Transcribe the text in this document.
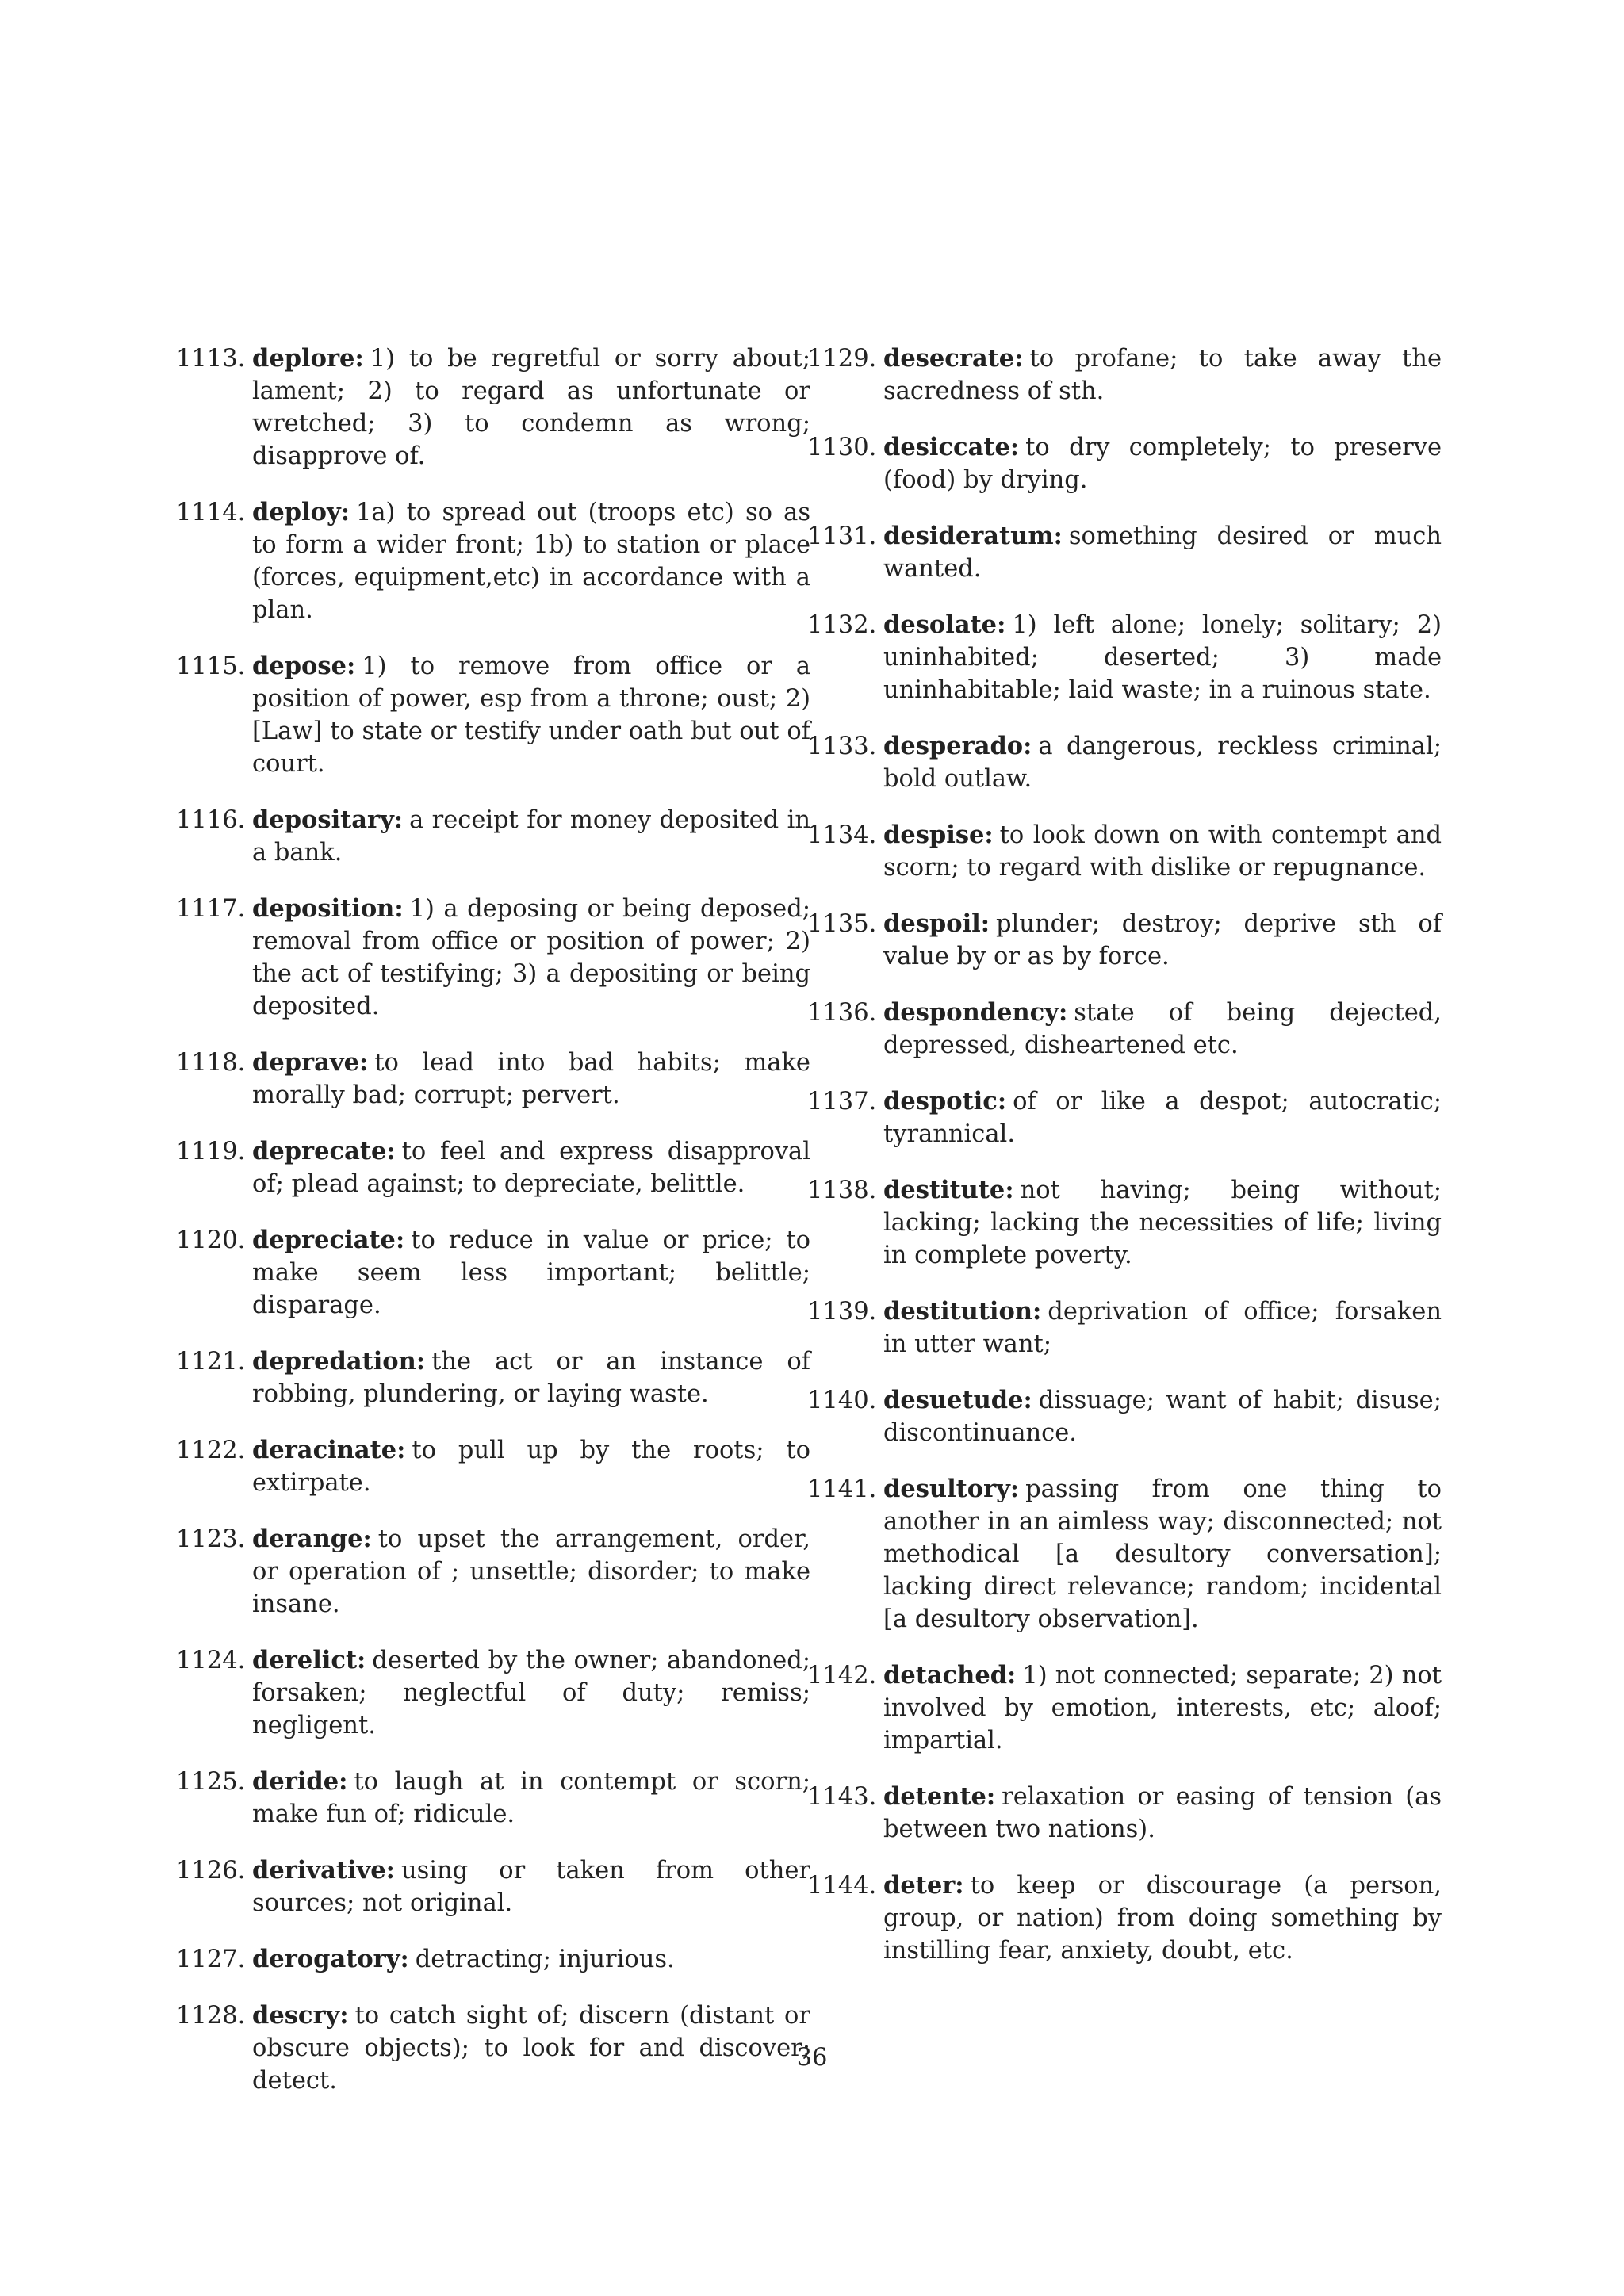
1113. deplore: 1) to be regretful or sorry about; lament; 2) to regard as unfortunate or wretched; 3) to condemn as wrong; disapprove of.
1114. deploy: 1a) to spread out (troops etc) so as to form a wider front; 1b) to station or place (forces, equipment,etc) in accordance with a plan.
1115. depose: 1) to remove from office or a position of power, esp from a throne; oust; 2) [Law] to state or testify under oath but out of court.
1116. depositary: a receipt for money deposited in a bank.
1117. deposition: 1) a deposing or being deposed; removal from office or position of power; 2) the act of testifying; 3) a depositing or being deposited.
1118. deprave: to lead into bad habits; make morally bad; corrupt; pervert.
1119. deprecate: to feel and express disapproval of; plead against; to depreciate, belittle.
1120. depreciate: to reduce in value or price; to make seem less important; belittle; disparage.
1121. depredation: the act or an instance of robbing, plundering, or laying waste.
1122. deracinate: to pull up by the roots; to extirpate.
1123. derange: to upset the arrangement, order, or operation of ; unsettle; disorder; to make insane.
1124. derelict: deserted by the owner; abandoned; forsaken; neglectful of duty; remiss; negligent.
1125. deride: to laugh at in contempt or scorn; make fun of; ridicule.
1126. derivative: using or taken from other sources; not original.
1127. derogatory: detracting; injurious.
1128. descry: to catch sight of; discern (distant or obscure objects); to look for and discover; detect.
1129. desecrate: to profane; to take away the sacredness of sth.
1130. desiccate: to dry completely; to preserve (food) by drying.
1131. desideratum: something desired or much wanted.
1132. desolate: 1) left alone; lonely; solitary; 2) uninhabited; deserted; 3) made uninhabitable; laid waste; in a ruinous state.
1133. desperado: a dangerous, reckless criminal; bold outlaw.
1134. despise: to look down on with contempt and scorn; to regard with dislike or repugnance.
1135. despoil: plunder; destroy; deprive sth of value by or as by force.
1136. despondency: state of being dejected, depressed, disheartened etc.
1137. despotic: of or like a despot; autocratic; tyrannical.
1138. destitute: not having; being without; lacking; lacking the necessities of life; living in complete poverty.
1139. destitution: deprivation of office; forsaken in utter want;
1140. desuetude: dissuage; want of habit; disuse; discontinuance.
1141. desultory: passing from one thing to another in an aimless way; disconnected; not methodical [a desultory conversation]; lacking direct relevance; random; incidental [a desultory observation].
1142. detached: 1) not connected; separate; 2) not involved by emotion, interests, etc; aloof; impartial.
1143. detente: relaxation or easing of tension (as between two nations).
1144. deter: to keep or discourage (a person, group, or nation) from doing something by instilling fear, anxiety, doubt, etc.
36
